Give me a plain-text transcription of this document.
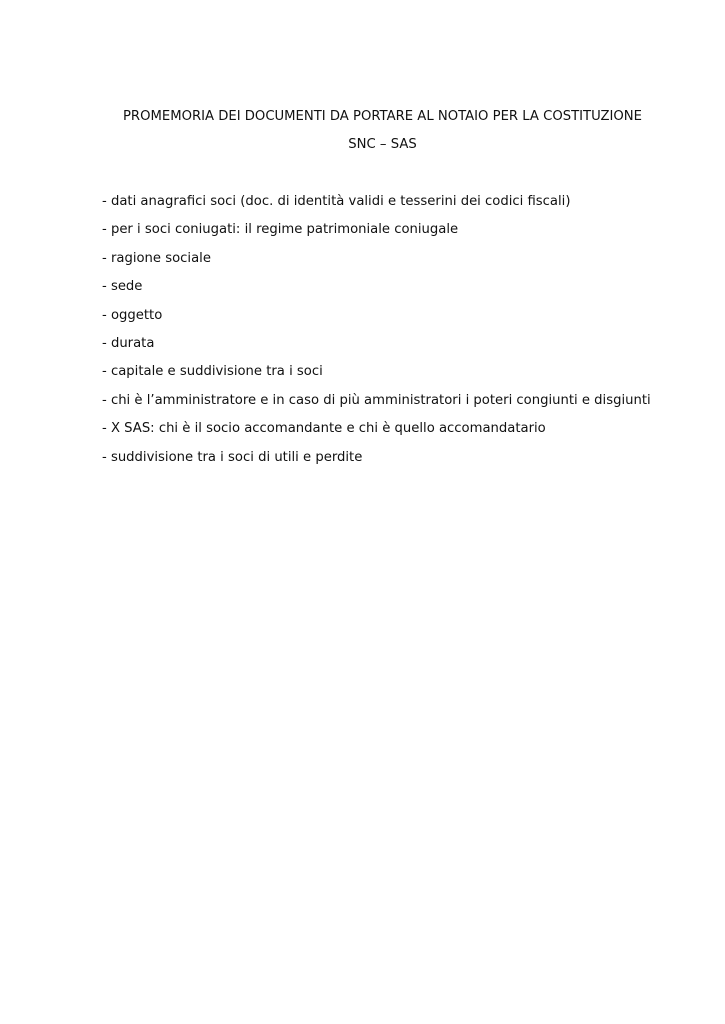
PROMEMORIA DEI DOCUMENTI DA PORTARE AL NOTAIO PER LA COSTITUZIONE
SNC – SAS
- dati anagrafici soci (doc. di identità validi e tesserini dei codici fiscali)
- per i soci coniugati: il regime patrimoniale coniugale
- ragione sociale
- sede
- oggetto
- durata
- capitale e suddivisione tra i soci
- chi è l’amministratore e in caso di più amministratori i poteri congiunti e disgiunti
- X SAS: chi è il socio accomandante e chi è quello accomandatario
- suddivisione tra i soci di utili e perdite
